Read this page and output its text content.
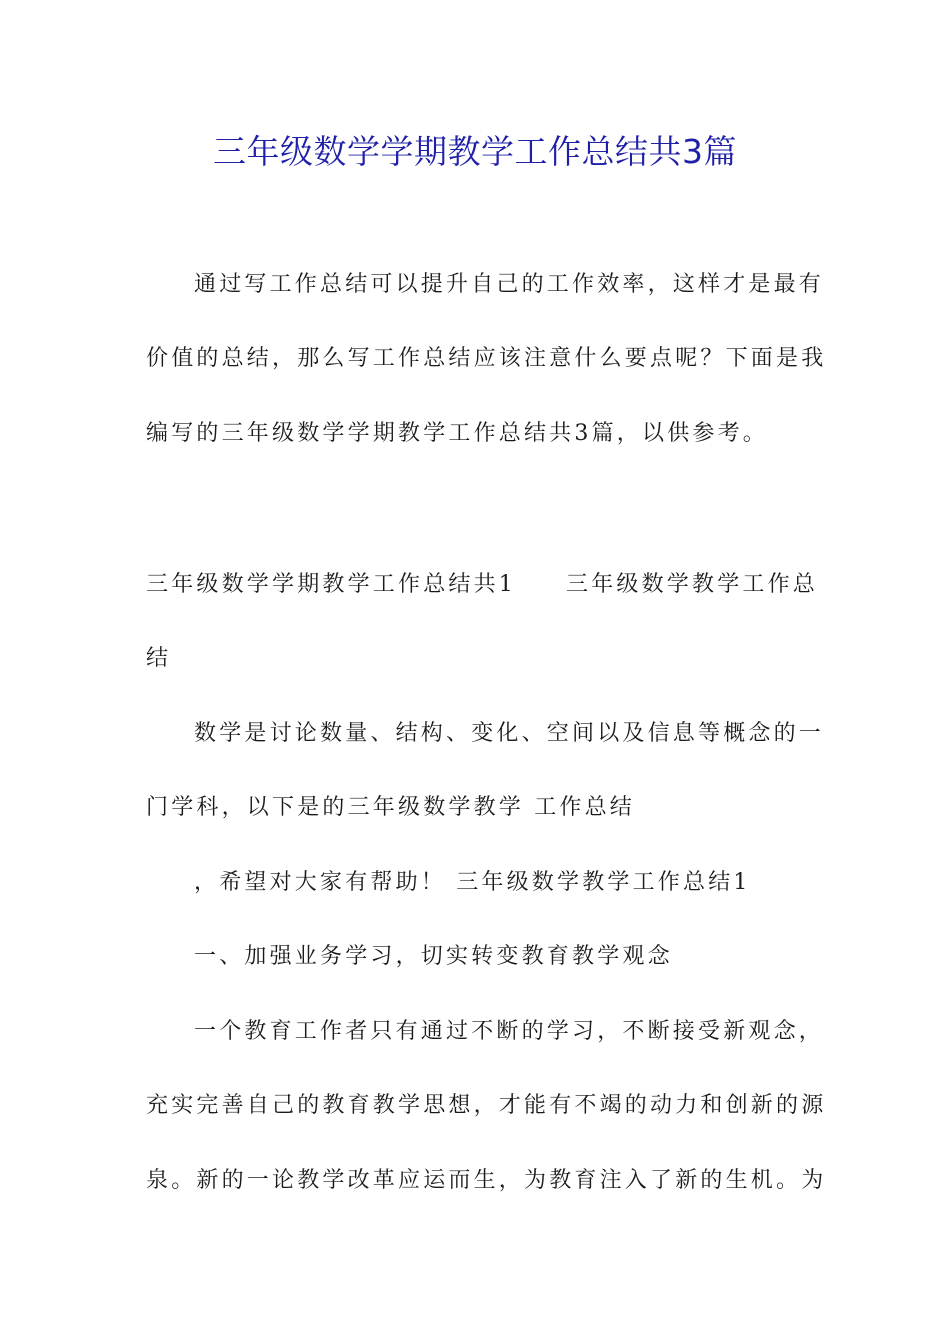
三年级数学学期教学工作总结共3篇
通过写工作总结可以提升自己的工作效率，这样才是最有
价值的总结，那么写工作总结应该注意什么要点呢？下面是我
编写的三年级数学学期教学工作总结共3篇，以供参考。
三年级数学学期教学工作总结共1 三年级数学教学工作总
结
数学是讨论数量、结构、变化、空间以及信息等概念的一
门学科，以下是的三年级数学教学 工作总结
，希望对大家有帮助！ 三年级数学教学工作总结1
一、加强业务学习，切实转变教育教学观念
一个教育工作者只有通过不断的学习，不断接受新观念，
充实完善自己的教育教学思想，才能有不竭的动力和创新的源
泉。新的一论教学改革应运而生，为教育注入了新的生机。为
